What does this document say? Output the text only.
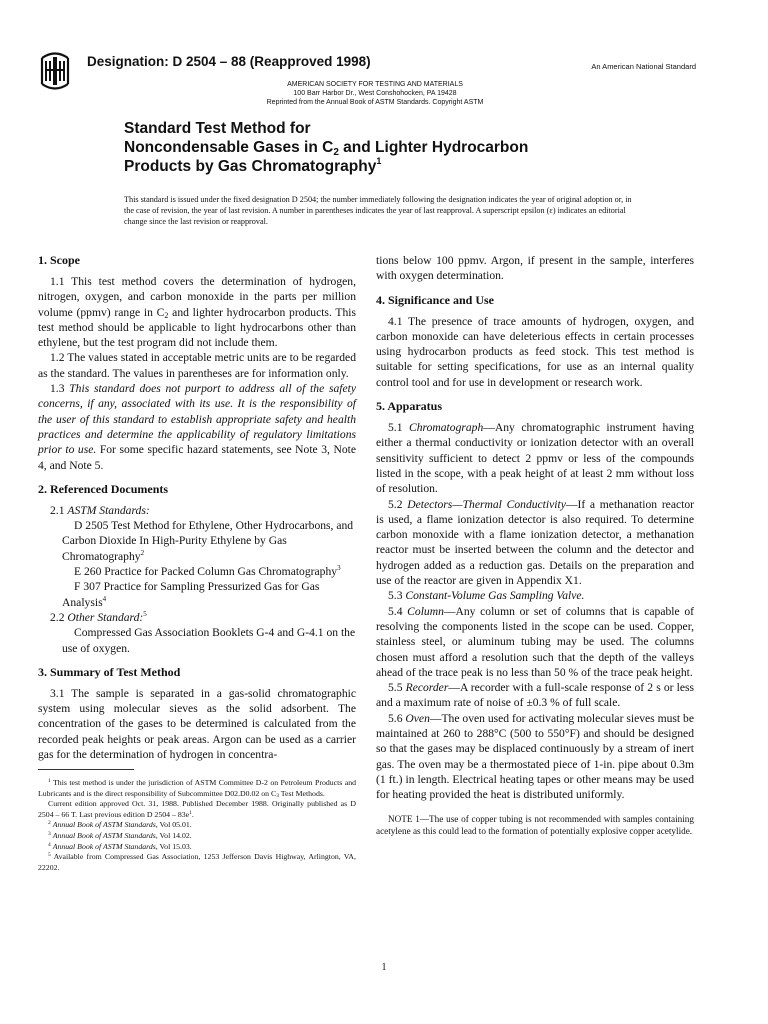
Designation: D 2504 – 88 (Reapproved 1998)	An American National Standard
AMERICAN SOCIETY FOR TESTING AND MATERIALS
100 Barr Harbor Dr., West Conshohocken, PA 19428
Reprinted from the Annual Book of ASTM Standards. Copyright ASTM
Standard Test Method for
Noncondensable Gases in $C_2$ and Lighter Hydrocarbon
Products by Gas Chromatography$^1$
This standard is issued under the fixed designation D 2504; the number immediately following the designation indicates the year of original adoption or, in the case of revision, the year of last revision. A number in parentheses indicates the year of last reapproval. A superscript epsilon (ε) indicates an editorial change since the last revision or reapproval.
1. Scope

1.1 This test method covers the determination of hydrogen, nitrogen, oxygen, and carbon monoxide in the parts per million volume (ppmv) range in $C_2$ and lighter hydrocarbon products. This test method should be applicable to light hydrocarbons other than ethylene, but the test program did not include them.

1.2 The values stated in acceptable metric units are to be regarded as the standard. The values in parentheses are for information only.

1.3 This standard does not purport to address all of the safety concerns, if any, associated with its use. It is the responsibility of the user of this standard to establish appropriate safety and health practices and determine the applicability of regulatory limitations prior to use. For some specific hazard statements, see Note 3, Note 4, and Note 5.

2. Referenced Documents

2.1 ASTM Standards:

D 2505 Test Method for Ethylene, Other Hydrocarbons, and Carbon Dioxide In High-Purity Ethylene by Gas Chromatography$^2$

E 260 Practice for Packed Column Gas Chromatography$^3$

F 307 Practice for Sampling Pressurized Gas for Gas Analysis$^4$

2.2 Other Standard:$^5$

Compressed Gas Association Booklets G-4 and G-4.1 on the use of oxygen.

3. Summary of Test Method

3.1 The sample is separated in a gas-solid chromatographic system using molecular sieves as the solid adsorbent. The concentration of the gases to be determined is calculated from the recorded peak heights or peak areas. Argon can be used as a carrier gas for the determination of hydrogen in concentra-

$^1$ This test method is under the jurisdiction of ASTM Committee D-2 on Petroleum Products and Lubricants and is the direct responsibility of Subcommittee D02.D0.02 on $C_3$ Test Methods.

Current edition approved Oct. 31, 1988. Published December 1988. Originally published as D 2504 – 66 T. Last previous edition D $2504 - 83e^1$.

$^2$ Annual Book of ASTM Standards, Vol 05.01.

$^3$ Annual Book of ASTM Standards, Vol 14.02.

$^4$ Annual Book of ASTM Standards, Vol 15.03.

$^5$ Available from Compressed Gas Association, 1253 Jefferson Davis Highway, Arlington, VA, 22202.

tions below 100 ppmv. Argon, if present in the sample, interferes with oxygen determination.

4. Significance and Use

4.1 The presence of trace amounts of hydrogen, oxygen, and carbon monoxide can have deleterious effects in certain processes using hydrocarbon products as feed stock. This test method is suitable for setting specifications, for use as an internal quality control tool and for use in development or research work.

5. Apparatus

5.1 Chromatograph—Any chromatographic instrument having either a thermal conductivity or ionization detector with an overall sensitivity sufficient to detect 2 ppmv or less of the compounds listed in the scope, with a peak height of at least 2 mm without loss of resolution.

5.2 Detectors—Thermal Conductivity—If a methanation reactor is used, a flame ionization detector is also required. To determine carbon monoxide with a flame ionization detector, a methanation reactor must be inserted between the column and the detector and hydrogen added as a reduction gas. Details on the preparation and use of the reactor are given in Appendix X1.

5.3 Constant-Volume Gas Sampling Valve.

5.4 Column—Any column or set of columns that is capable of resolving the components listed in the scope can be used. Copper, stainless steel, or aluminum tubing may be used. The columns chosen must afford a resolution such that the depth of the valleys ahead of the trace peak is no less than 50 % of the trace peak height.

5.5 Recorder—A recorder with a full-scale response of 2 s or less and a maximum rate of noise of ±0.3 % of full scale.

5.6 Oven—The oven used for activating molecular sieves must be maintained at 260 to 288°C (500 to 550°F) and should be designed so that the gases may be displaced continuously by a stream of inert gas. The oven may be a thermostated piece of 1-in. pipe about 0.3m (1 ft.) in length. Electrical heating tapes or other means may be used for heating provided the heat is distributed uniformly.

NOTE 1—The use of copper tubing is not recommended with samples containing acetylene as this could lead to the formation of potentially explosive copper acetylide.

1
